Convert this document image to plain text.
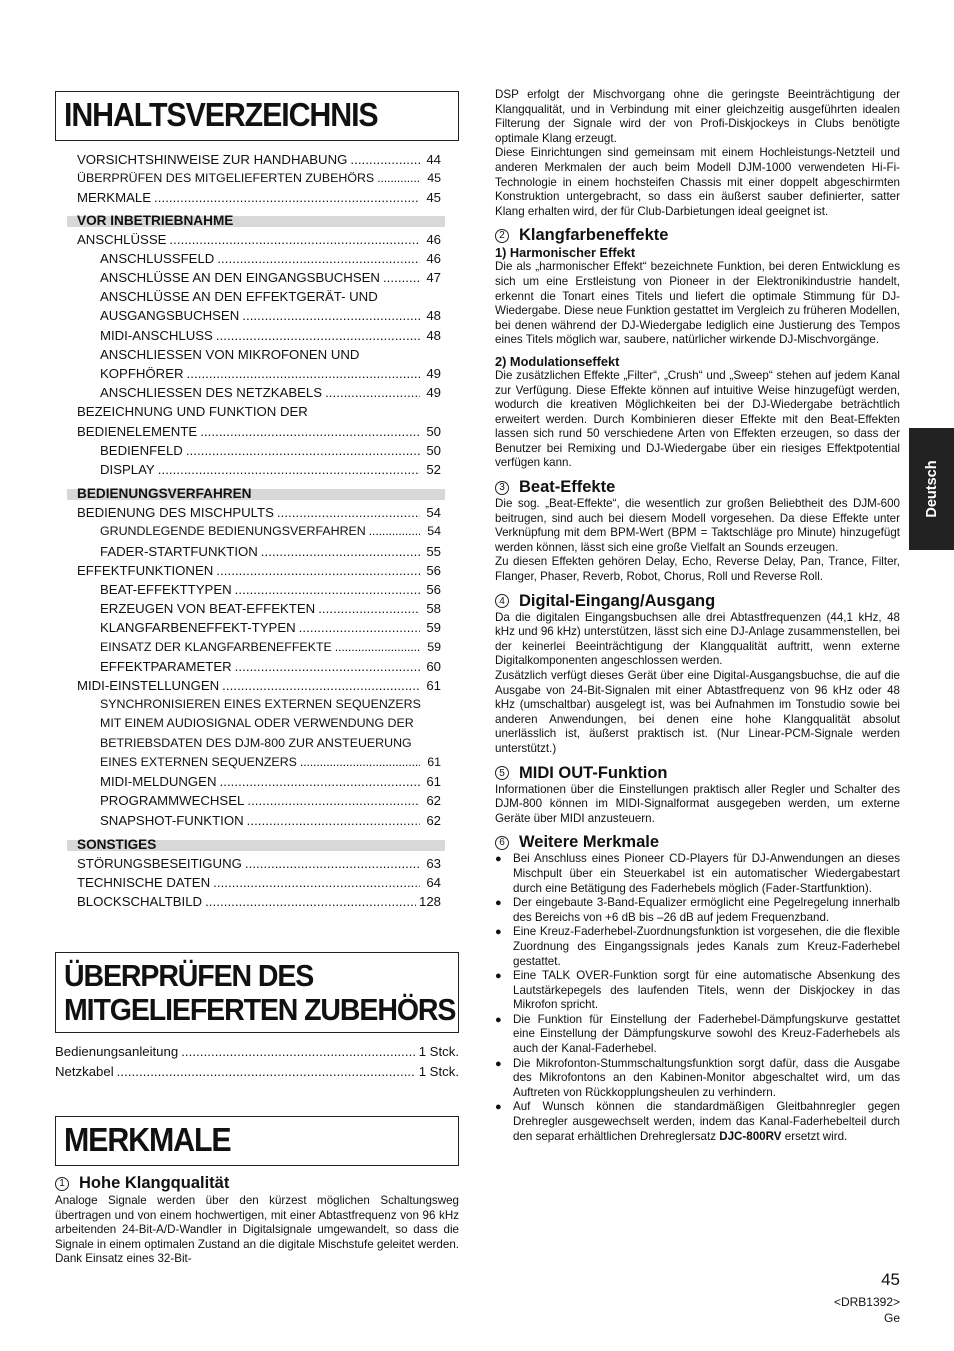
INHALTSVERZEICHNIS
VORSICHTSHINWEISE ZUR HANDHABUNG . . .	44
ÜBERPRÜFEN DES MITGELIEFERTEN ZUBEHÖRS . . .	45
MERKMALE . . .	45
VOR INBETRIEBNAHME
ANSCHLÜSSE . . .	46
ANSCHLUSSFELD . . .	46
ANSCHLÜSSE AN DEN EINGANGSBUCHSEN . . .	47
ANSCHLÜSSE AN DEN EFFEKTGERÄT- UND
AUSGANGSBUCHSEN . . .	48
MIDI-ANSCHLUSS . . .	48
ANSCHLIESSEN VON MIKROFONEN UND
KOPFHÖRER . . .	49
ANSCHLIESSEN DES NETZKABELS . . .	49
BEZEICHNUNG UND FUNKTION DER
BEDIENELEMENTE . . .	50
BEDIENFELD . . .	50
DISPLAY . . .	52
BEDIENUNGSVERFAHREN
BEDIENUNG DES MISCHPULTS . . .	54
GRUNDLEGENDE BEDIENUNGSVERFAHREN . . .	54
FADER-STARTFUNKTION . . .	55
EFFEKTFUNKTIONEN . . .	56
BEAT-EFFEKTTYPEN . . .	56
ERZEUGEN VON BEAT-EFFEKTEN . . .	58
KLANGFARBENEFFEKT-TYPEN . . .	59
EINSATZ DER KLANGFARBENEFFEKTE . . .	59
EFFEKTPARAMETER . . .	60
MIDI-EINSTELLUNGEN . . .	61
SYNCHRONISIEREN EINES EXTERNEN SEQUENZERS
MIT EINEM AUDIOSIGNAL ODER VERWENDUNG DER
BETRIEBSDATEN DES DJM-800 ZUR ANSTEUERUNG
EINES EXTERNEN SEQUENZERS . . .	61
MIDI-MELDUNGEN . . .	61
PROGRAMMWECHSEL . . .	62
SNAPSHOT-FUNKTION . . .	62
SONSTIGES
STÖRUNGSBESEITIGUNG . . .	63
TECHNISCHE DATEN . . .	64
BLOCKSCHALTBILD . . .	128
ÜBERPRÜFEN DES
MITGELIEFERTEN ZUBEHÖRS
Bedienungsanleitung . . .	1 Stck.
Netzkabel . . .	1 Stck.
MERKMALE
1 Hohe Klangqualität
Analoge Signale werden über den kürzest möglichen Schaltungsweg übertragen und von einem hochwertigen, mit einer Abtastfrequenz von 96 kHz arbeitenden 24-Bit-A/D-Wandler in Digitalsignale umgewandelt, so dass die Signale in einem optimalen Zustand an die digitale Mischstufe geleitet werden. Dank Einsatz eines 32-Bit-
DSP erfolgt der Mischvorgang ohne die geringste Beeinträchtigung der Klangqualität, und in Verbindung mit einer gleichzeitig ausgeführten idealen Filterung der Signale wird der von Profi-Diskjockeys in Clubs benötigte optimale Klang erzeugt.
Diese Einrichtungen sind gemeinsam mit einem Hochleistungs-Netzteil und anderen Merkmalen der auch beim Modell DJM-1000 verwendeten Hi-Fi-Technologie in einem hochsteifen Chassis mit einer doppelt abgeschirmten Konstruktion untergebracht, so dass ein äußerst sauber definierter, satter Klang erhalten wird, der für Club-Darbietungen ideal geeignet ist.
2 Klangfarbeneffekte
1) Harmonischer Effekt
Die als „harmonischer Effekt“ bezeichnete Funktion, bei deren Entwicklung es sich um eine Erstleistung von Pioneer in der Elektronikindustrie handelt, erkennt die Tonart eines Titels und liefert die optimale Stimmung für DJ-Wiedergabe. Diese neue Funktion gestattet im Vergleich zu früheren Modellen, bei denen während der DJ-Wiedergabe lediglich eine Justierung des Tempos eines Titels möglich war, saubere, natürlicher wirkende DJ-Mischvorgänge.
2) Modulationseffekt
Die zusätzlichen Effekte „Filter“, „Crush“ und „Sweep“ stehen auf jedem Kanal zur Verfügung. Diese Effekte können auf intuitive Weise hinzugefügt werden, wodurch die kreativen Möglichkeiten bei der DJ-Wiedergabe beträchtlich erweitert werden. Durch Kombinieren dieser Effekte mit den Beat-Effekten lassen sich rund 50 verschiedene Arten von Effekten erzeugen, so dass der Benutzer bei Remixing und DJ-Wiedergabe über ein riesiges Effektpotential verfügen kann.
3 Beat-Effekte
Die sog. „Beat-Effekte“, die wesentlich zur großen Beliebtheit des DJM-600 beitrugen, sind auch bei diesem Modell vorgesehen. Da diese Effekte unter Verknüpfung mit dem BPM-Wert (BPM = Taktschläge pro Minute) hinzugefügt werden können, lässt sich eine große Vielfalt an Sounds erzeugen.
Zu diesen Effekten gehören Delay, Echo, Reverse Delay, Pan, Trance, Filter, Flanger, Phaser, Reverb, Robot, Chorus, Roll und Reverse Roll.
4 Digital-Eingang/Ausgang
Da die digitalen Eingangsbuchsen alle drei Abtastfrequenzen (44,1 kHz, 48 kHz und 96 kHz) unterstützen, lässt sich eine DJ-Anlage zusammenstellen, bei der keinerlei Beeinträchtigung der Klangqualität auftritt, wenn externe Digitalkomponenten angeschlossen werden.
Zusätzlich verfügt dieses Gerät über eine Digital-Ausgangsbuchse, die auf die Ausgabe von 24-Bit-Signalen mit einer Abtastfrequenz von 96 kHz oder 48 kHz (umschaltbar) ausgelegt ist, was bei Aufnahmen im Tonstudio sowie bei anderen Anwendungen, bei denen eine hohe Klangqualität absolut unerlässlich ist, äußerst praktisch ist. (Nur Linear-PCM-Signale werden unterstützt.)
5 MIDI OUT-Funktion
Informationen über die Einstellungen praktisch aller Regler und Schalter des DJM-800 können im MIDI-Signalformat ausgegeben werden, um externe Geräte über MIDI anzusteuern.
6 Weitere Merkmale
● Bei Anschluss eines Pioneer CD-Players für DJ-Anwendungen an dieses Mischpult über ein Steuerkabel ist ein automatischer Wiedergabestart durch eine Betätigung des Faderhebels möglich (Fader-Startfunktion).
● Der eingebaute 3-Band-Equalizer ermöglicht eine Pegelregelung innerhalb des Bereichs von +6 dB bis –26 dB auf jedem Frequenzband.
● Eine Kreuz-Faderhebel-Zuordnungsfunktion ist vorgesehen, die die flexible Zuordnung des Eingangssignals jedes Kanals zum Kreuz-Faderhebel gestattet.
● Eine TALK OVER-Funktion sorgt für eine automatische Absenkung des Lautstärkepegels des laufenden Titels, wenn der Diskjockey in das Mikrofon spricht.
● Die Funktion für Einstellung der Faderhebel-Dämpfungskurve gestattet eine Einstellung der Dämpfungskurve sowohl des Kreuz-Faderhebels als auch der Kanal-Faderhebel.
● Die Mikrofonton-Stummschaltungsfunktion sorgt dafür, dass die Ausgabe des Mikrofontons an den Kabinen-Monitor abgeschaltet wird, um das Auftreten von Rückkopplungsheulen zu verhindern.
● Auf Wunsch können die standardmäßigen Gleitbahnregler gegen Drehregler ausgewechselt werden, indem das Kanal-Faderhebelteil durch den separat erhältlichen Drehreglersatz DJC-800RV ersetzt wird.
Deutsch
45
<DRB1392>
Ge
